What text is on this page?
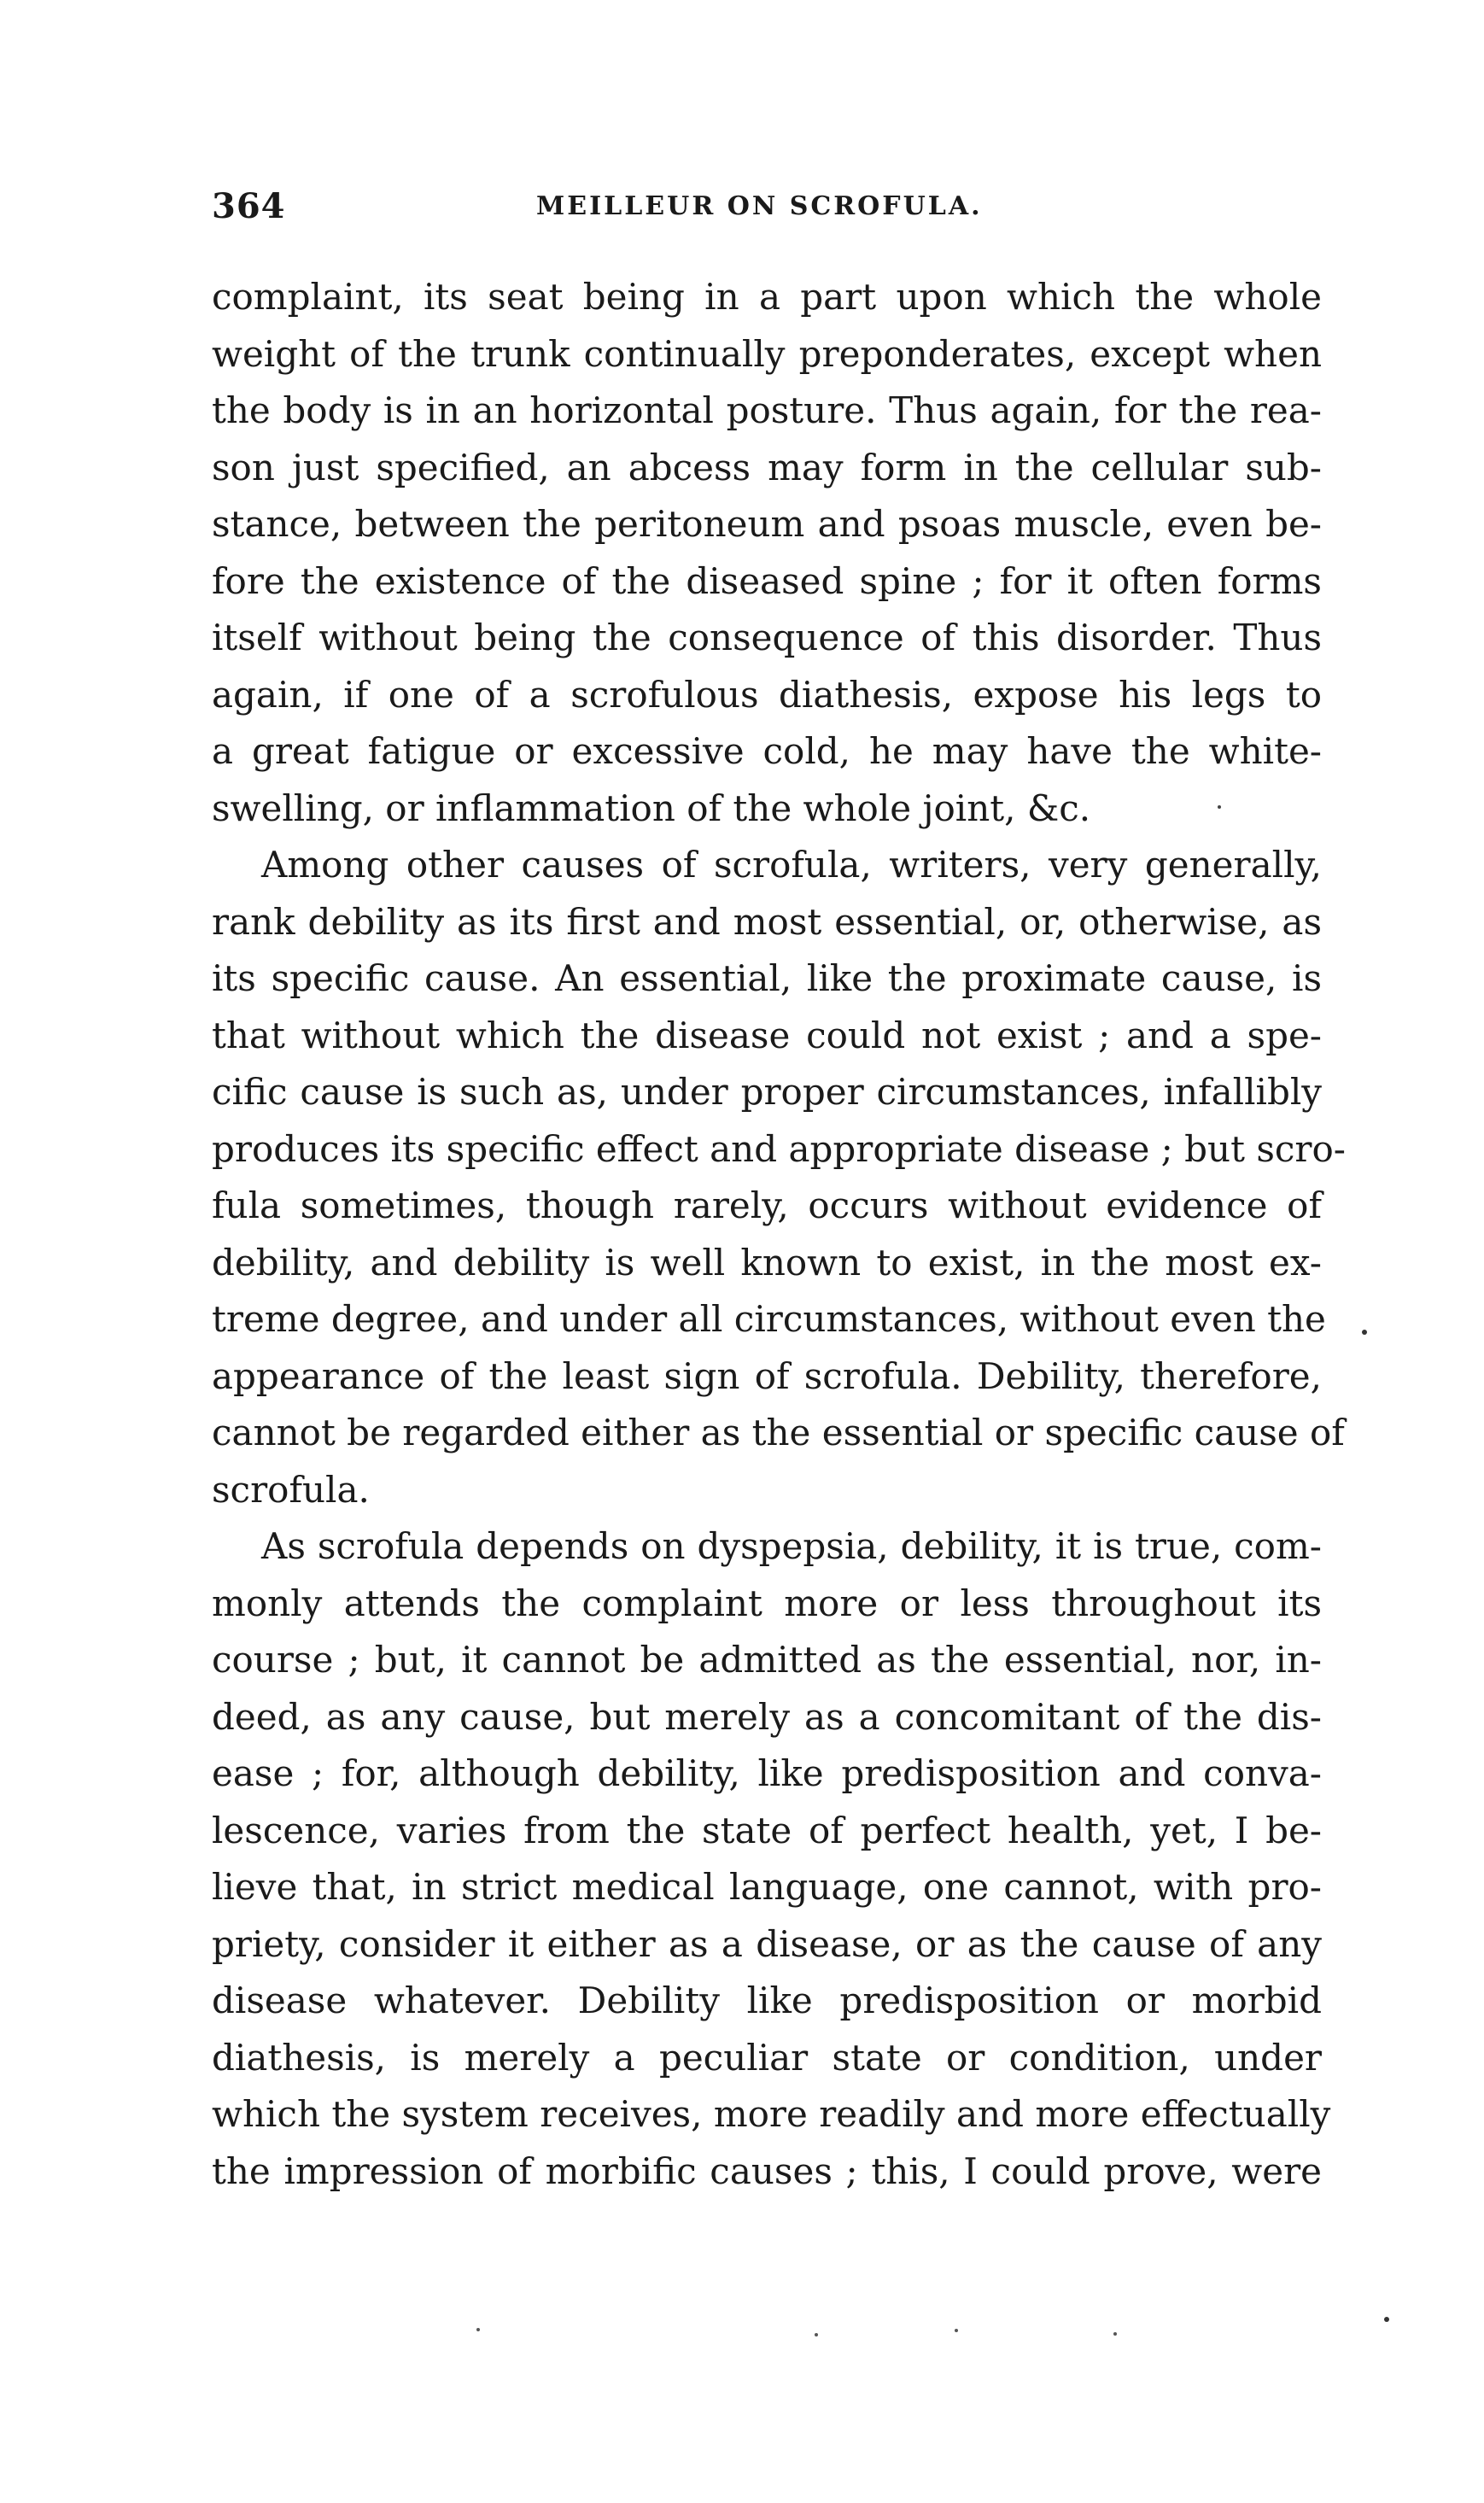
364	MEILLEUR ON SCROFULA.
complaint, its seat being in a part upon which the whole
weight of the trunk continually preponderates, except when
the body is in an horizontal posture. Thus again, for the rea-
son just specified, an abcess may form in the cellular sub-
stance, between the peritoneum and psoas muscle, even be-
fore the existence of the diseased spine ; for it often forms
itself without being the consequence of this disorder. Thus
again, if one of a scrofulous diathesis, expose his legs to
a great fatigue or excessive cold, he may have the white-
swelling, or inflammation of the whole joint, &c.
Among other causes of scrofula, writers, very generally,
rank debility as its first and most essential, or, otherwise, as
its specific cause. An essential, like the proximate cause, is
that without which the disease could not exist ; and a spe-
cific cause is such as, under proper circumstances, infallibly
produces its specific effect and appropriate disease ; but scro-
fula sometimes, though rarely, occurs without evidence of
debility, and debility is well known to exist, in the most ex-
treme degree, and under all circumstances, without even the
appearance of the least sign of scrofula. Debility, therefore,
cannot be regarded either as the essential or specific cause of
scrofula.
As scrofula depends on dyspepsia, debility, it is true, com-
monly attends the complaint more or less throughout its
course ; but, it cannot be admitted as the essential, nor, in-
deed, as any cause, but merely as a concomitant of the dis-
ease ; for, although debility, like predisposition and conva-
lescence, varies from the state of perfect health, yet, I be-
lieve that, in strict medical language, one cannot, with pro-
priety, consider it either as a disease, or as the cause of any
disease whatever. Debility like predisposition or morbid
diathesis, is merely a peculiar state or condition, under
which the system receives, more readily and more effectually
the impression of morbific causes ; this, I could prove, were
